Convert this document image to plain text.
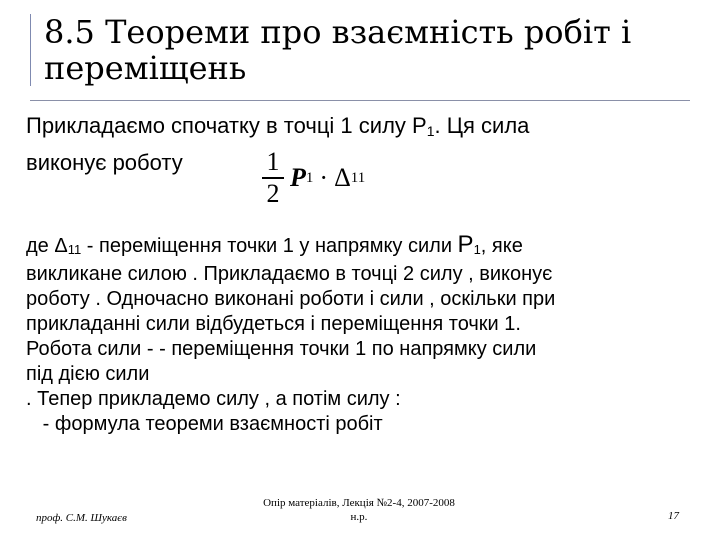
8.5 Теореми про взаємність робіт і переміщень
Прикладаємо спочатку в точці 1 силу $Р_1$. Ця сила
виконує роботу	$\frac{1}{2}$ P 1 · Δ 11
де Δ11 - переміщення точки 1 у напрямку сили Р1, яке
викликане силою . Прикладаємо в точці 2 силу , виконує
роботу . Одночасно виконані роботи і сили , оскільки при
прикладанні сили відбудеться і переміщення точки 1.
Робота сили - - переміщення точки 1 по напрямку сили
під дією сили
. Тепер прикладемо силу , а потім силу :
- формула теореми взаємності робіт
проф. С.М. Шукаєв
Опір матеріалів, Лекція №2-4, 2007-2008 н.р.	17
